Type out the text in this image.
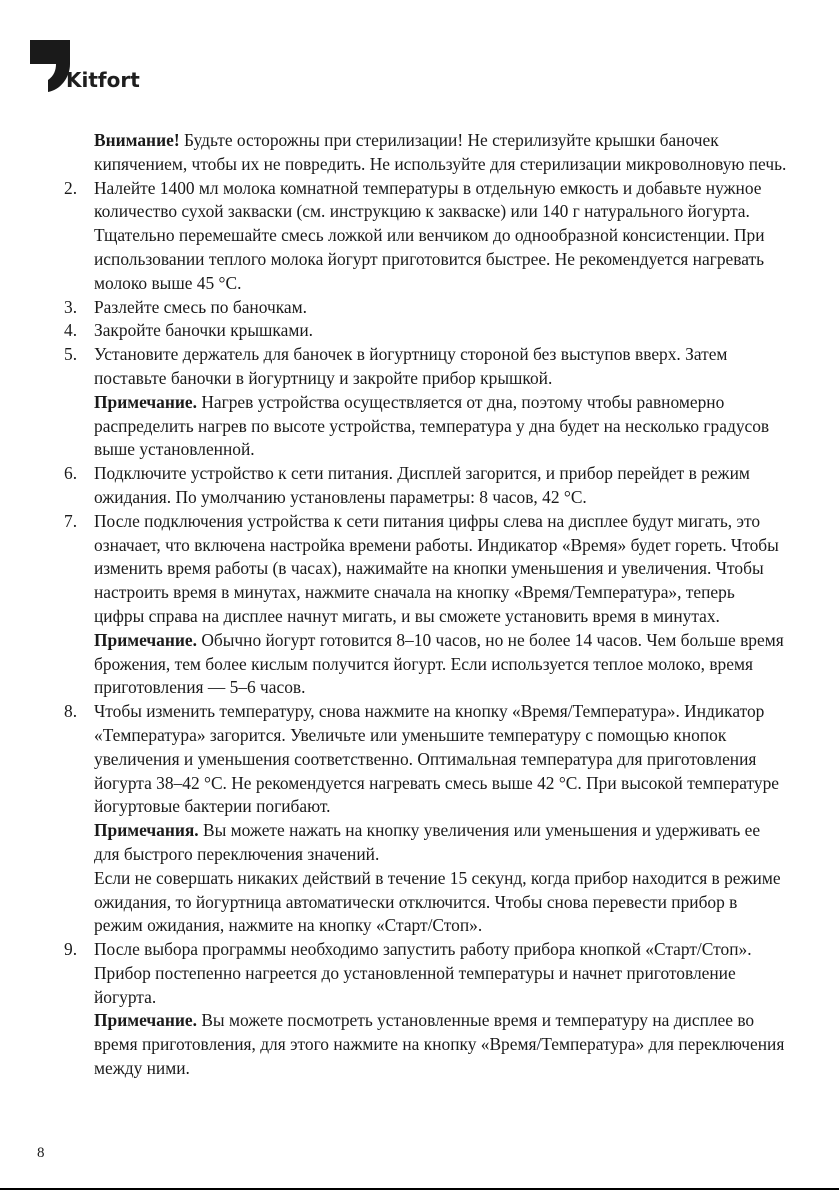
Kitfort
Внимание! Будьте осторожны при стерилизации! Не стерилизуйте крышки баночек кипячением, чтобы их не повредить. Не используйте для стерилизации микроволновую печь.
2. Налейте 1400 мл молока комнатной температуры в отдельную емкость и добавьте нужное количество сухой закваски (см. инструкцию к закваске) или 140 г натурального йогурта. Тщательно перемешайте смесь ложкой или венчиком до однообразной консистенции. При использовании теплого молока йогурт приготовится быстрее. Не рекомендуется нагревать молоко выше 45 °C.
3. Разлейте смесь по баночкам.
4. Закройте баночки крышками.
5. Установите держатель для баночек в йогуртницу стороной без выступов вверх. Затем поставьте баночки в йогуртницу и закройте прибор крышкой.
Примечание. Нагрев устройства осуществляется от дна, поэтому чтобы равномерно распределить нагрев по высоте устройства, температура у дна будет на несколько градусов выше установленной.
6. Подключите устройство к сети питания. Дисплей загорится, и прибор перейдет в режим ожидания. По умолчанию установлены параметры: 8 часов, 42 °C.
7. После подключения устройства к сети питания цифры слева на дисплее будут мигать, это означает, что включена настройка времени работы. Индикатор «Время» будет гореть. Чтобы изменить время работы (в часах), нажимайте на кнопки уменьшения и увеличения. Чтобы настроить время в минутах, нажмите сначала на кнопку «Время/Температура», теперь цифры справа на дисплее начнут мигать, и вы сможете установить время в минутах.
Примечание. Обычно йогурт готовится 8–10 часов, но не более 14 часов. Чем больше время брожения, тем более кислым получится йогурт. Если используется теплое молоко, время приготовления — 5–6 часов.
8. Чтобы изменить температуру, снова нажмите на кнопку «Время/Температура». Индикатор «Температура» загорится. Увеличьте или уменьшите температуру с помощью кнопок увеличения и уменьшения соответственно. Оптимальная температура для приготовления йогурта 38–42 °C. Не рекомендуется нагревать смесь выше 42 °C. При высокой температуре йогуртовые бактерии погибают.
Примечания. Вы можете нажать на кнопку увеличения или уменьшения и удерживать ее для быстрого переключения значений.
Если не совершать никаких действий в течение 15 секунд, когда прибор находится в режиме ожидания, то йогуртница автоматически отключится. Чтобы снова перевести прибор в режим ожидания, нажмите на кнопку «Старт/Стоп».
9. После выбора программы необходимо запустить работу прибора кнопкой «Старт/Стоп». Прибор постепенно нагреется до установленной температуры и начнет приготовление йогурта.
Примечание. Вы можете посмотреть установленные время и температуру на дисплее во время приготовления, для этого нажмите на кнопку «Время/Температура» для переключения между ними.
8
